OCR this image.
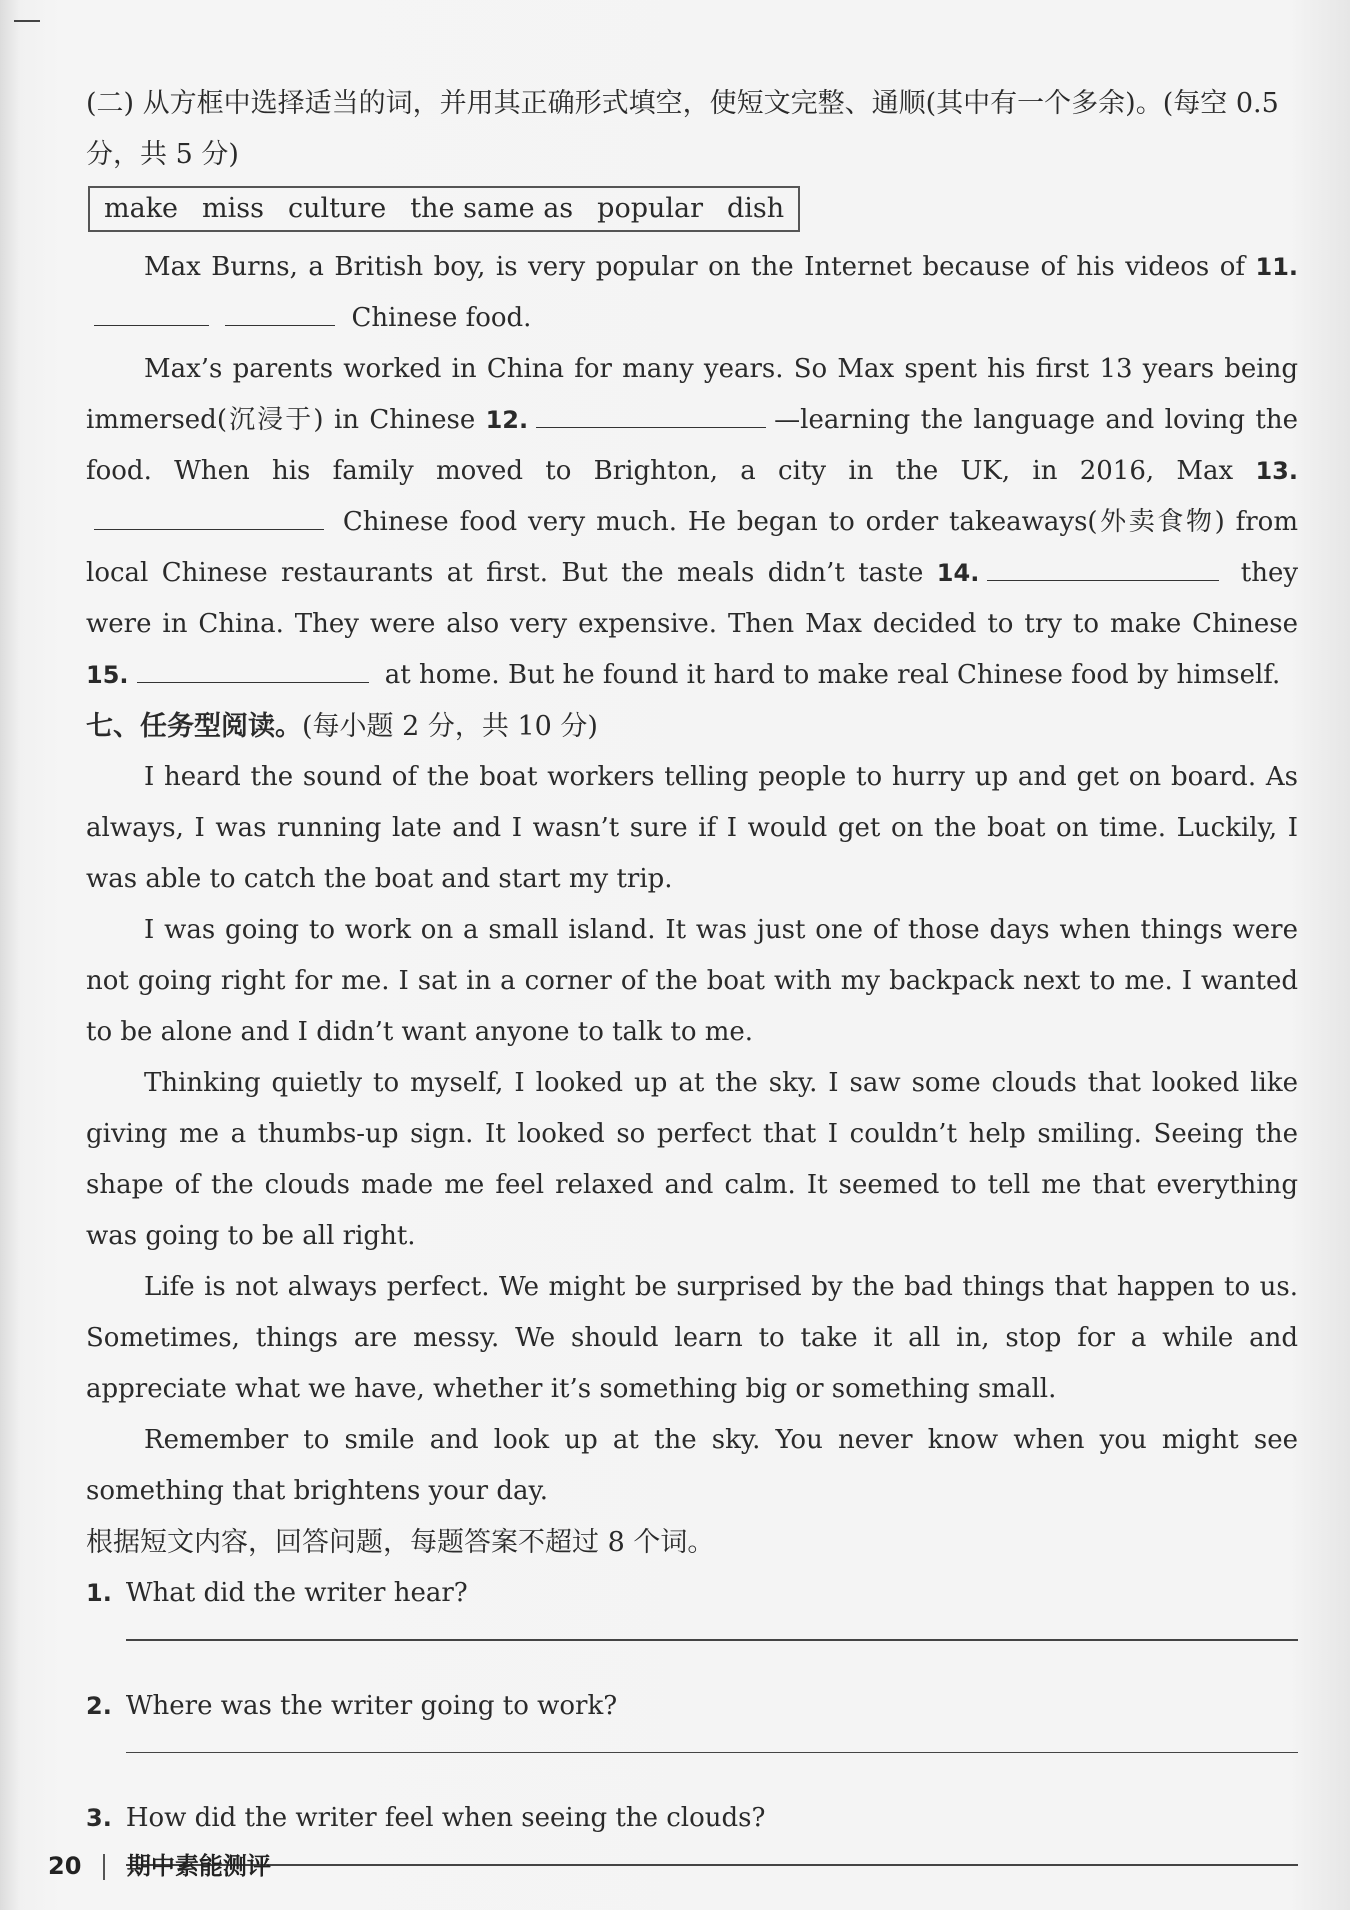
(二) 从方框中选择适当的词，并用其正确形式填空，使短文完整、通顺(其中有一个多余)。(每空 0.5 分，共 5 分)

make miss culture the same as popular dish

Max Burns, a British boy, is very popular on the Internet because of his videos of 11.  Chinese food.

Max’s parents worked in China for many years. So Max spent his first 13 years being immersed(沉浸于) in Chinese 12.	—learning the language and loving the food. When his family moved to Brighton, a city in the UK, in 2016, Max 13. Chinese food very much. He began to order takeaways(外卖食物) from local Chinese restaurants at first. But the meals didn’t taste 14.	they were in China. They were also very expensive. Then Max decided to try to make Chinese 15.	at home. But he found it hard to make real Chinese food by himself.

七、任务型阅读。(每小题 2 分，共 10 分)

I heard the sound of the boat workers telling people to hurry up and get on board. As always, I was running late and I wasn’t sure if I would get on the boat on time. Luckily, I was able to catch the boat and start my trip.

I was going to work on a small island. It was just one of those days when things were not going right for me. I sat in a corner of the boat with my backpack next to me. I wanted to be alone and I didn’t want anyone to talk to me.

Thinking quietly to myself, I looked up at the sky. I saw some clouds that looked like giving me a thumbs-up sign. It looked so perfect that I couldn’t help smiling. Seeing the shape of the clouds made me feel relaxed and calm. It seemed to tell me that everything was going to be all right.

Life is not always perfect. We might be surprised by the bad things that happen to us. Sometimes, things are messy. We should learn to take it all in, stop for a while and appreciate what we have, whether it’s something big or something small.

Remember to smile and look up at the sky. You never know when you might see something that brightens your day.

根据短文内容，回答问题，每题答案不超过 8 个词。

1. What did the writer hear?

2. Where was the writer going to work?

3. How did the writer feel when seeing the clouds?

20 期中素能测评
